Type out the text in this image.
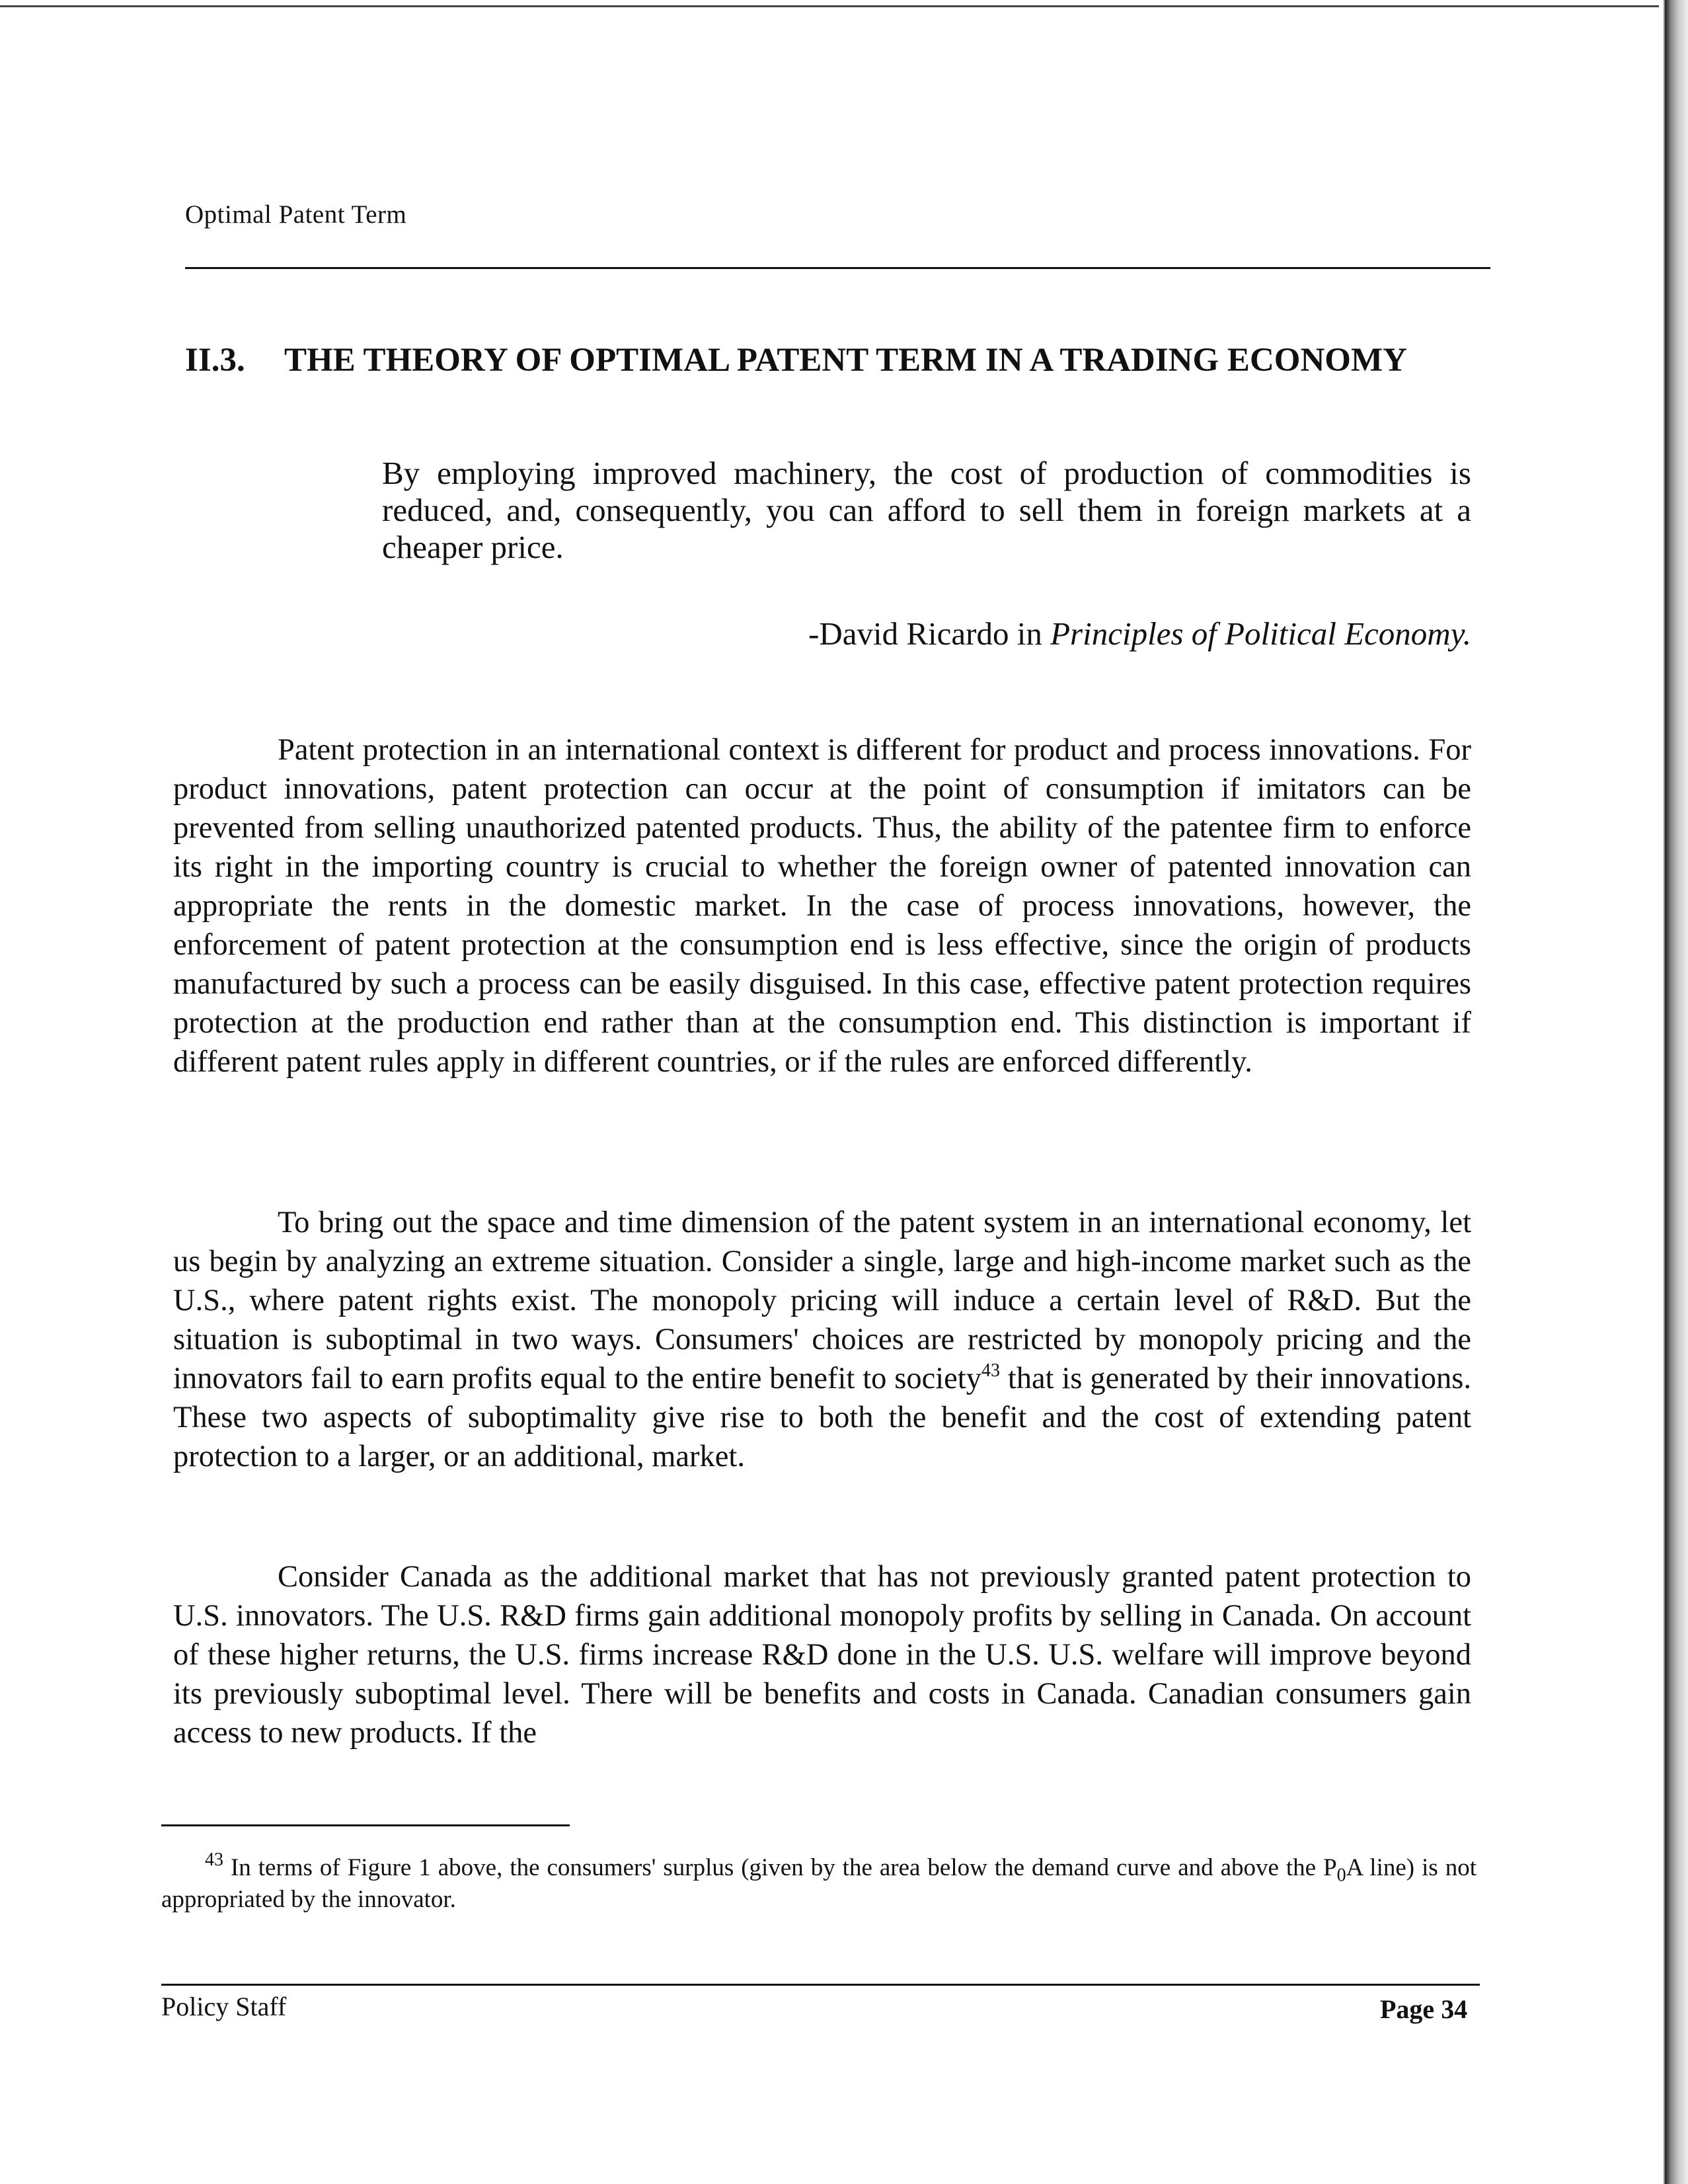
Optimal Patent Term
II.3. THE THEORY OF OPTIMAL PATENT TERM IN A TRADING ECONOMY
By employing improved machinery, the cost of production of commodities is reduced, and, consequently, you can afford to sell them in foreign markets at a cheaper price.
-David Ricardo in Principles of Political Economy.

Patent protection in an international context is different for product and process innovations. For product innovations, patent protection can occur at the point of consumption if imitators can be prevented from selling unauthorized patented products. Thus, the ability of the patentee firm to enforce its right in the importing country is crucial to whether the foreign owner of patented innovation can appropriate the rents in the domestic market. In the case of process innovations, however, the enforcement of patent protection at the consumption end is less effective, since the origin of products manufactured by such a process can be easily disguised. In this case, effective patent protection requires protection at the production end rather than at the consumption end. This distinction is important if different patent rules apply in different countries, or if the rules are enforced differently.

To bring out the space and time dimension of the patent system in an international economy, let us begin by analyzing an extreme situation. Consider a single, large and high-income market such as the U.S., where patent rights exist. The monopoly pricing will induce a certain level of R&D. But the situation is suboptimal in two ways. Consumers' choices are restricted by monopoly pricing and the innovators fail to earn profits equal to the entire benefit to society$^{43}$ that is generated by their innovations. These two aspects of suboptimality give rise to both the benefit and the cost of extending patent protection to a larger, or an additional, market.

Consider Canada as the additional market that has not previously granted patent protection to U.S. innovators. The U.S. R&D firms gain additional monopoly profits by selling in Canada. On account of these higher returns, the U.S. firms increase R&D done in the U.S. U.S. welfare will improve beyond its previously suboptimal level. There will be benefits and costs in Canada. Canadian consumers gain access to new products. If the

$^{43}$ In terms of Figure 1 above, the consumers' surplus (given by the area below the demand curve and above the $P_0A$ line) is not appropriated by the innovator.

Policy Staff	Page 34
